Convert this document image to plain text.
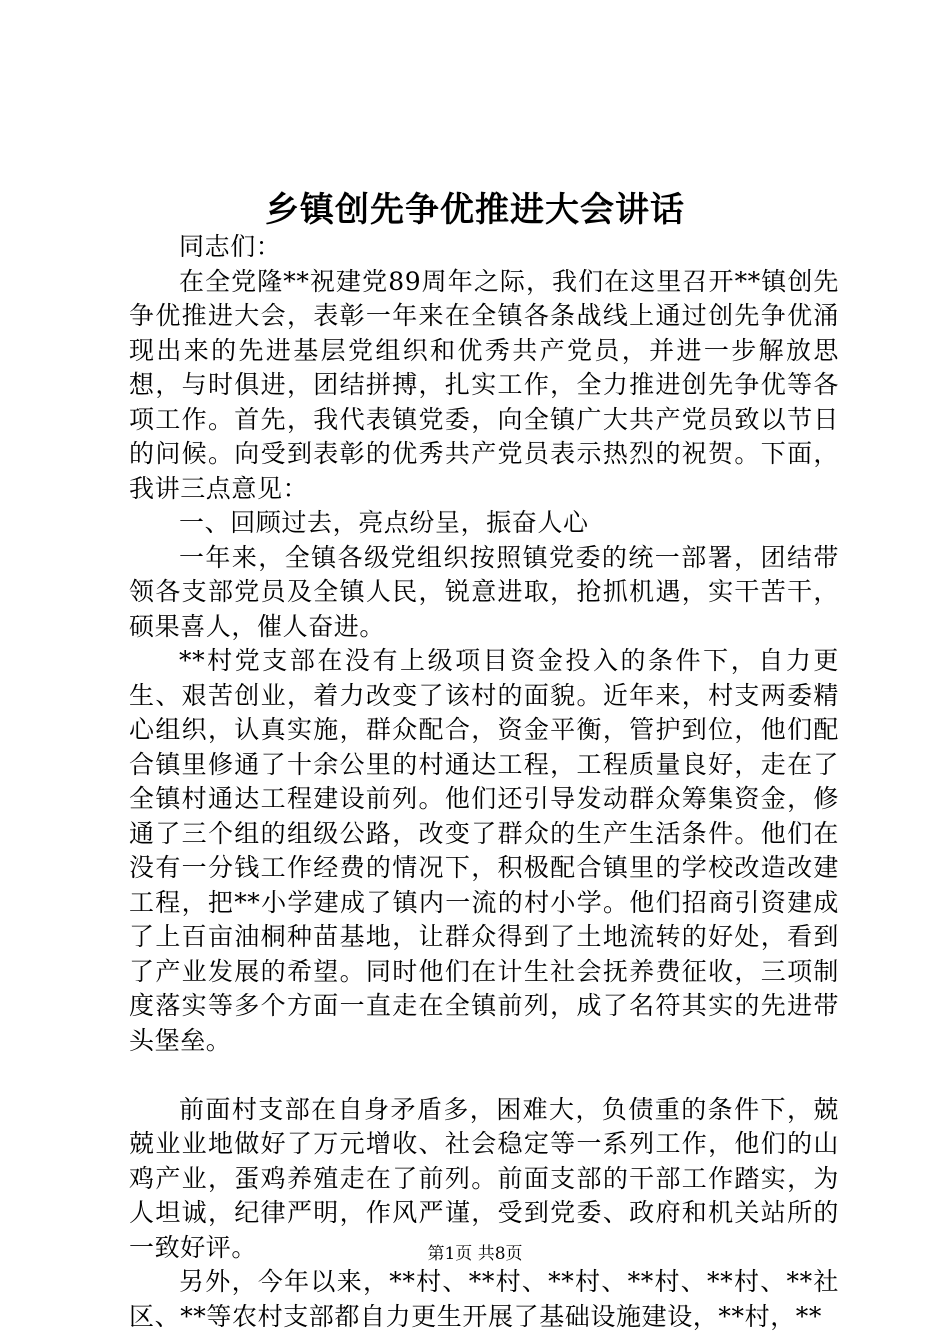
乡镇创先争优推进大会讲话

同志们：

在全党隆**祝建党89周年之际，我们在这里召开**镇创先争优推进大会，表彰一年来在全镇各条战线上通过创先争优涌现出来的先进基层党组织和优秀共产党员，并进一步解放思想，与时俱进，团结拼搏，扎实工作，全力推进创先争优等各项工作。首先，我代表镇党委，向全镇广大共产党员致以节日的问候。向受到表彰的优秀共产党员表示热烈的祝贺。下面，我讲三点意见：

一、回顾过去，亮点纷呈，振奋人心

一年来，全镇各级党组织按照镇党委的统一部署，团结带领各支部党员及全镇人民，锐意进取，抢抓机遇，实干苦干，硕果喜人，催人奋进。

**村党支部在没有上级项目资金投入的条件下，自力更生、艰苦创业，着力改变了该村的面貌。近年来，村支两委精心组织，认真实施，群众配合，资金平衡，管护到位，他们配合镇里修通了十余公里的村通达工程，工程质量良好，走在了全镇村通达工程建设前列。他们还引导发动群众筹集资金，修通了三个组的组级公路，改变了群众的生产生活条件。他们在没有一分钱工作经费的情况下，积极配合镇里的学校改造改建工程，把**小学建成了镇内一流的村小学。他们招商引资建成了上百亩油桐种苗基地，让群众得到了土地流转的好处，看到了产业发展的希望。同时他们在计生社会抚养费征收，三项制度落实等多个方面一直走在全镇前列，成了名符其实的先进带头堡垒。

前面村支部在自身矛盾多，困难大，负债重的条件下，兢兢业业地做好了万元增收、社会稳定等一系列工作，他们的山鸡产业，蛋鸡养殖走在了前列。前面支部的干部工作踏实，为人坦诚，纪律严明，作风严谨，受到党委、政府和机关站所的一致好评。

另外，今年以来，**村、**村、**村、**村、**村、**社区、**等农村支部都自力更生开展了基础设施建设，**村，**

第1页 共8页
